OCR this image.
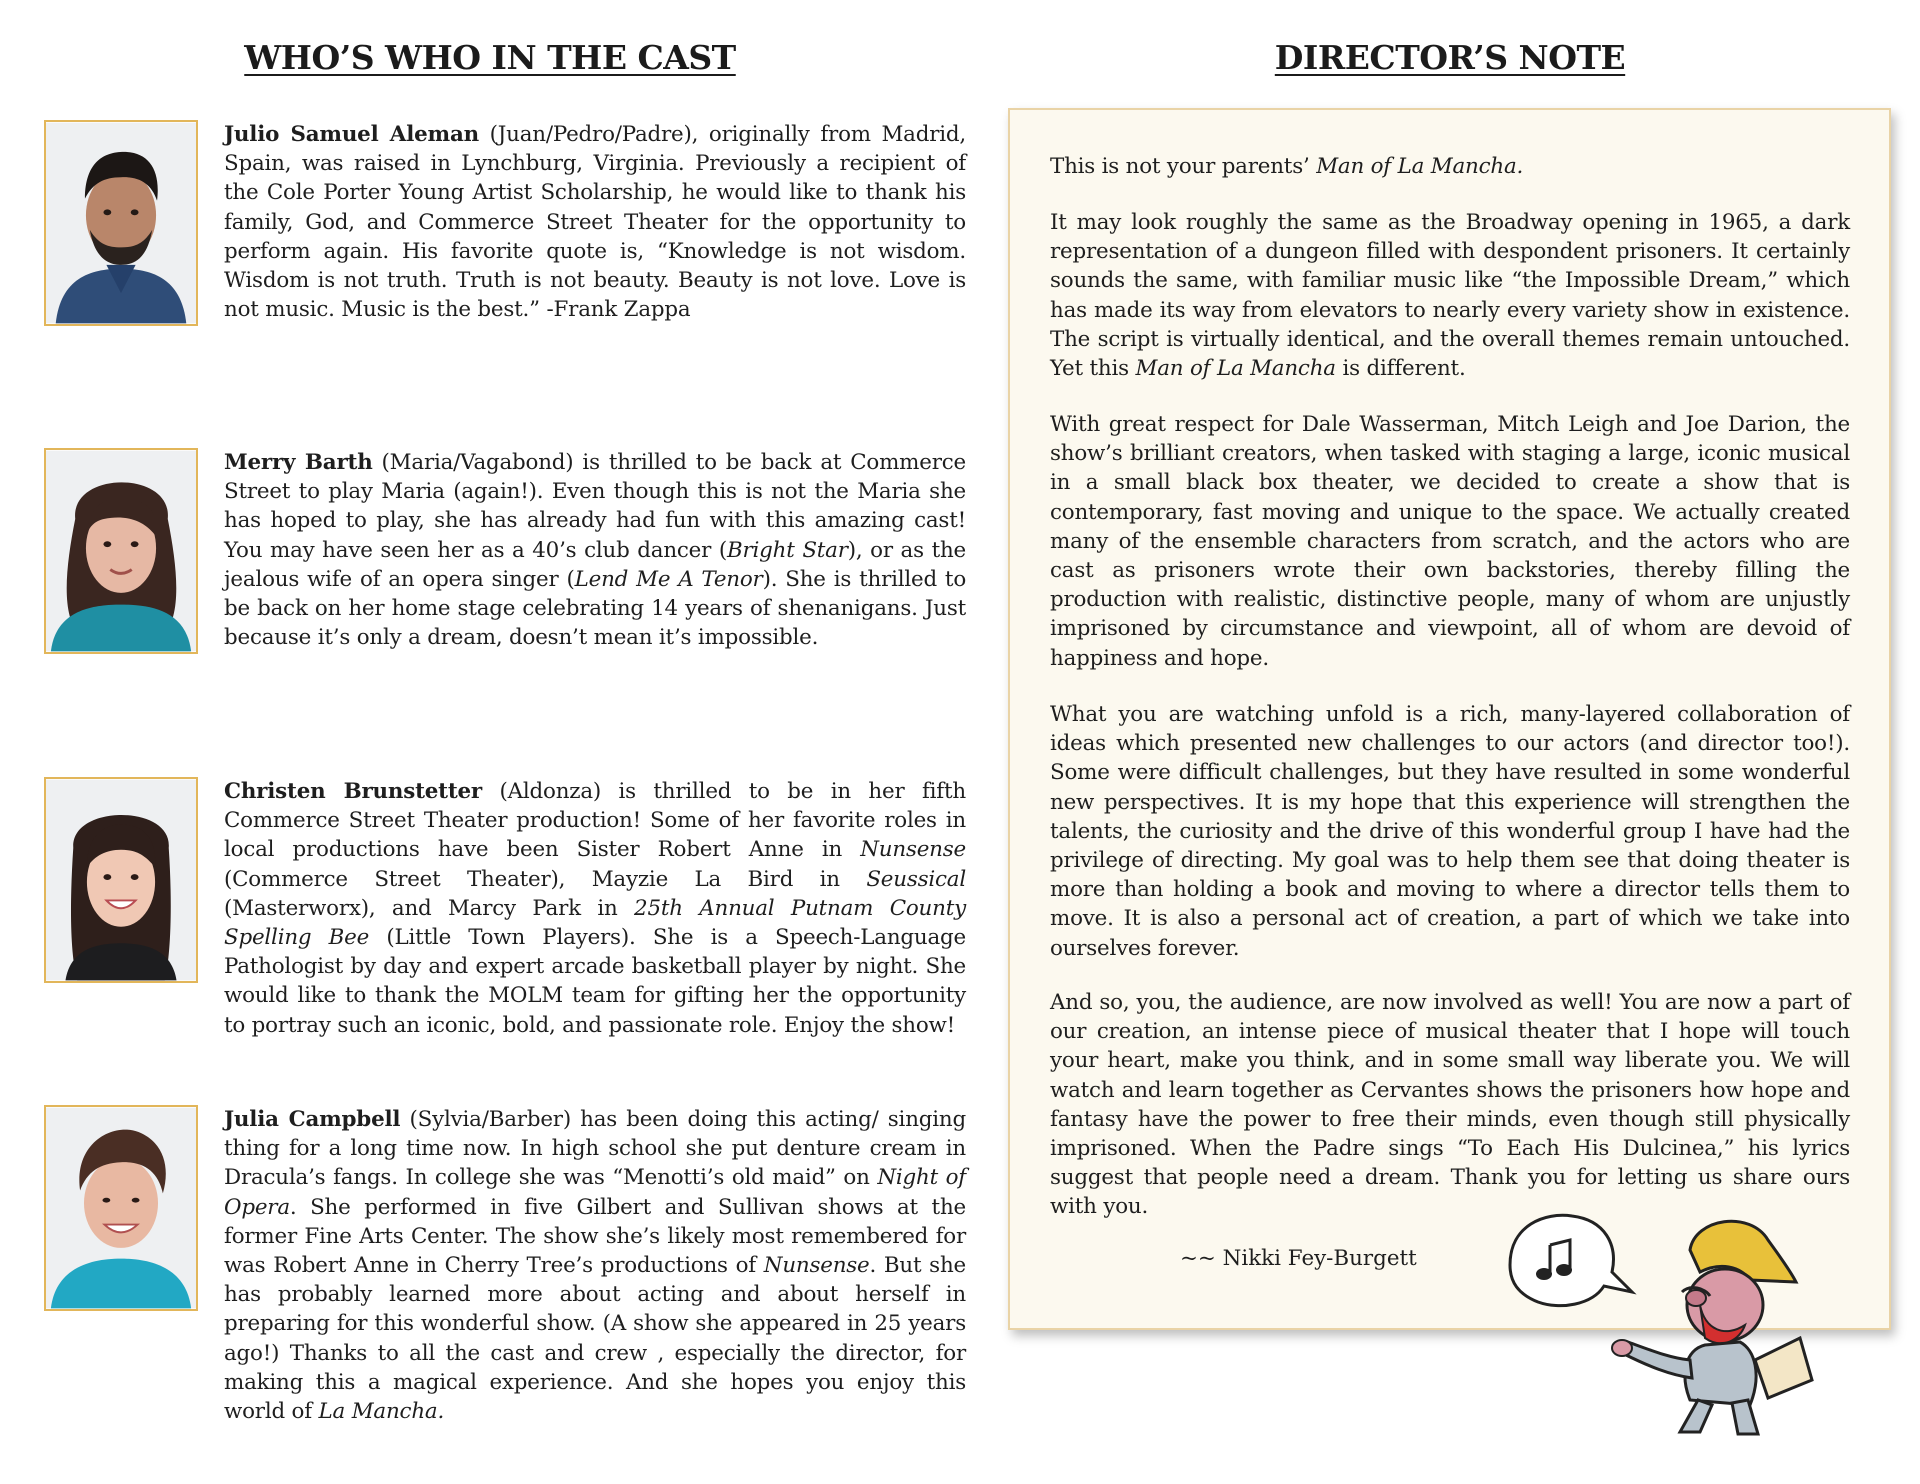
WHO’S WHO IN THE CAST	DIRECTOR’S NOTE

Julio Samuel Aleman (Juan/Pedro/Padre), originally from Madrid, Spain, was raised in Lynchburg, Virginia. Previously a recipient of the Cole Porter Young Artist Scholarship, he would like to thank his family, God, and Commerce Street Theater for the opportunity to perform again. His favorite quote is, “Knowledge is not wisdom. Wisdom is not truth. Truth is not beauty. Beauty is not love. Love is not music. Music is the best.” -Frank Zappa

Merry Barth (Maria/Vagabond) is thrilled to be back at Commerce Street to play Maria (again!). Even though this is not the Maria she has hoped to play, she has already had fun with this amazing cast! You may have seen her as a 40’s club dancer (Bright Star), or as the jealous wife of an opera singer (Lend Me A Tenor). She is thrilled to be back on her home stage celebrating 14 years of shenanigans. Just because it’s only a dream, doesn’t mean it’s impossible.

Christen Brunstetter (Aldonza) is thrilled to be in her fifth Commerce Street Theater production! Some of her favorite roles in local productions have been Sister Robert Anne in Nunsense (Commerce Street Theater), Mayzie La Bird in Seussical (Masterworx), and Marcy Park in 25th Annual Putnam County Spelling Bee (Little Town Players). She is a Speech-Language Pathologist by day and expert arcade basketball player by night. She would like to thank the MOLM team for gifting her the opportunity to portray such an iconic, bold, and passionate role. Enjoy the show!

Julia Campbell (Sylvia/Barber) has been doing this acting/ singing thing for a long time now. In high school she put denture cream in Dracula’s fangs. In college she was “Menotti’s old maid” on Night of Opera. She performed in five Gilbert and Sullivan shows at the former Fine Arts Center. The show she’s likely most remembered for was Robert Anne in Cherry Tree’s productions of Nunsense. But she has probably learned more about acting and about herself in preparing for this wonderful show. (A show she appeared in 25 years ago!) Thanks to all the cast and crew , especially the director, for making this a magical experience. And she hopes you enjoy this world of La Mancha.

This is not your parents’ Man of La Mancha.

It may look roughly the same as the Broadway opening in 1965, a dark representation of a dungeon filled with despondent prisoners. It certainly sounds the same, with familiar music like “the Impossible Dream,” which has made its way from elevators to nearly every variety show in existence. The script is virtually identical, and the overall themes remain untouched. Yet this Man of La Mancha is different.

With great respect for Dale Wasserman, Mitch Leigh and Joe Darion, the show’s brilliant creators, when tasked with staging a large, iconic musical in a small black box theater, we decided to create a show that is contemporary, fast moving and unique to the space. We actually created many of the ensemble characters from scratch, and the actors who are cast as prisoners wrote their own backstories, thereby filling the production with realistic, distinctive people, many of whom are unjustly imprisoned by circumstance and viewpoint, all of whom are devoid of happiness and hope.

What you are watching unfold is a rich, many-layered collaboration of ideas which presented new challenges to our actors (and director too!). Some were difficult challenges, but they have resulted in some wonderful new perspectives. It is my hope that this experience will strengthen the talents, the curiosity and the drive of this wonderful group I have had the privilege of directing. My goal was to help them see that doing theater is more than holding a book and moving to where a director tells them to move. It is also a personal act of creation, a part of which we take into ourselves forever.

And so, you, the audience, are now involved as well! You are now a part of our creation, an intense piece of musical theater that I hope will touch your heart, make you think, and in some small way liberate you. We will watch and learn together as Cervantes shows the prisoners how hope and fantasy have the power to free their minds, even though still physically imprisoned. When the Padre sings “To Each His Dulcinea,” his lyrics suggest that people need a dream. Thank you for letting us share ours with you.

~~ Nikki Fey-Burgett
